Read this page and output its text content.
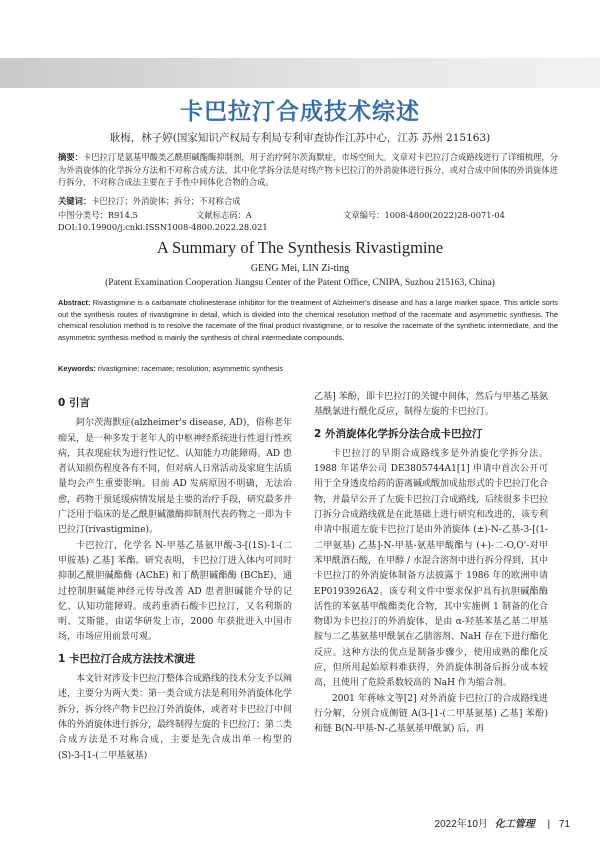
卡巴拉汀合成技术综述
耿梅，林子婷(国家知识产权局专利局专利审查协作江苏中心，江苏 苏州 215163)
摘要：卡巴拉汀是氨基甲酸类乙酰胆碱酯酶抑制剂，用于治疗阿尔茨海默症，市场空间大。文章对卡巴拉汀合成路线进行了详细梳理，分为外消旋体的化学拆分方法和不对称合成方法，其中化学拆分法是对终产物卡巴拉汀的外消旋体进行拆分，或对合成中间体的外消旋体进行拆分，不对称合成法主要在于手性中间体化合物的合成。
关键词：卡巴拉汀；外消旋体；拆分；不对称合成
中图分类号：R914.5	文献标志码：A	文章编号：1008-4800(2022)28-0071-04
DOI:10.19900/j.cnki.ISSN1008-4800.2022.28.021
A Summary of The Synthesis Rivastigmine
GENG Mei, LIN Zi-ting
(Patent Examination Cooperation Jiangsu Center of the Patent Office, CNIPA, Suzhou 215163, China)
Abstract: Rivastigmine is a carbamate cholinesterase inhibitor for the treatment of Alzheimer's disease and has a large market space. This article sorts out the synthesis routes of rivastigmine in detail, which is divided into the chemical resolution method of the racemate and asymmetric synthesis. The chemical resolution method is to resolve the racemate of the final product rivastigmine, or to resolve the racemate of the synthetic intermediate, and the asymmetric synthesis method is mainly the synthesis of chiral intermediate compounds.
Keywords: rivastigmine; racemate; resolution; asymmetric synthesis
0 引言

阿尔茨海默症(alzheimer's disease, AD)，俗称老年痴呆，是一种多发于老年人的中枢神经系统进行性退行性疾病，其表现症状为进行性记忆、认知能力功能障碍。AD 患者认知损伤程度各有不同，但对病人日常活动及家庭生活质量均会产生重要影响。目前 AD 发病原因不明确，无法治愈，药物干预延缓病情发展是主要的治疗手段，研究最多并广泛用于临床的是乙酰胆碱激酶抑制剂代表药物之一即为卡巴拉汀(rivastigmine)。

卡巴拉汀，化学名 N-甲基乙基氨甲酸-3-[(1S)-1-(二甲胺基) 乙基] 苯酯。研究表明，卡巴拉汀进入体内可同时抑制乙酰胆碱酯酶 (AChE) 和丁酰胆碱酯酶 (BChE)，通过控制胆碱能神经元传导改善 AD 患者胆碱能介导的记忆、认知功能障碍。成药重酒石酸卡巴拉汀，又名利斯的明、艾斯能，由诺华研发上市，2000 年获批进入中国市场，市场应用前景可观。

1 卡巴拉汀合成方法技术演进

本文针对涉及卡巴拉汀整体合成路线的技术分支予以阐述，主要分为两大类：第一类合成方法是利用外消旋体化学拆分，拆分终产物卡巴拉汀外消旋体，或者对卡巴拉汀中间体的外消旋体进行拆分，最终制得左旋的卡巴拉汀；第二类合成方法是不对称合成，主要是先合成出单一构型的 (S)-3-[1-(二甲基氨基)

乙基] 苯酚，即卡巴拉汀的关键中间体，然后与甲基乙基氨基酰氯进行酰化反应，制得左旋的卡巴拉汀。

2 外消旋体化学拆分法合成卡巴拉汀

卡巴拉汀的早期合成路线多是外消旋化学拆分法。1988 年诺华公司 DE3805744A1[1] 申请中首次公开可用于全身透皮给药的游离碱或酸加成盐形式的卡巴拉汀化合物，并最早公开了左旋卡巴拉汀合成路线，后续很多卡巴拉汀拆分合成路线就是在此基础上进行研究和改进的，该专利申请中报道左旋卡巴拉汀是由外消旋体 (±)-N-乙基-3-[(1-二甲氨基) 乙基]-N-甲基-氨基甲酸酯与 (+)-二-O,O'-对甲苯甲酰酒石酸，在甲醇 / 水混合溶剂中进行拆分得到，其中卡巴拉汀的外消旋体制备方法披露于 1986 年的欧洲申请 EP0193926A2。该专利文件中要求保护具有抗胆碱酯酶活性的苯氨基甲酸酯类化合物，其中实施例 1 制备的化合物即为卡巴拉汀的外消旋体，是由 α-羟基苯基乙基二甲基胺与二乙基氨基甲酰氯在乙腈溶剂、NaH 存在下进行酯化反应。这种方法的优点是制备步骤少，使用成熟的酯化反应，但所用起始原料难获得，外消旋体制备后拆分成本较高，且使用了危险系数较高的 NaH 作为缩合剂。

2001 年蒋咏文等[2] 对外消旋卡巴拉汀的合成路线进行分解，分别合成侧链 A(3-[1-(二甲基氨基) 乙基] 苯酚) 和链 B(N-甲基-N-乙基氨基甲酰氯) 后，再

2022年10月 化工管理 | 71
